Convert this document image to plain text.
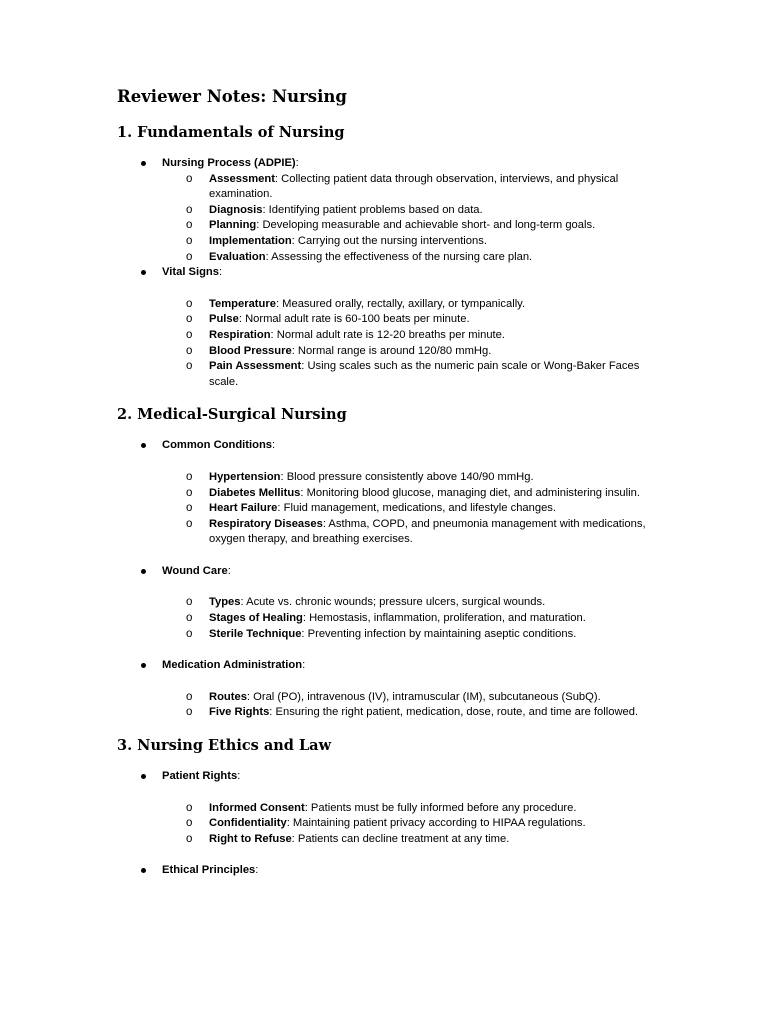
Reviewer Notes: Nursing
1. Fundamentals of Nursing
Nursing Process (ADPIE):
o Assessment: Collecting patient data through observation, interviews, and physical examination.
o Diagnosis: Identifying patient problems based on data.
o Planning: Developing measurable and achievable short- and long-term goals.
o Implementation: Carrying out the nursing interventions.
o Evaluation: Assessing the effectiveness of the nursing care plan.
Vital Signs:
o Temperature: Measured orally, rectally, axillary, or tympanically.
o Pulse: Normal adult rate is 60-100 beats per minute.
o Respiration: Normal adult rate is 12-20 breaths per minute.
o Blood Pressure: Normal range is around 120/80 mmHg.
o Pain Assessment: Using scales such as the numeric pain scale or Wong-Baker Faces scale.
2. Medical-Surgical Nursing
Common Conditions:
o Hypertension: Blood pressure consistently above 140/90 mmHg.
o Diabetes Mellitus: Monitoring blood glucose, managing diet, and administering insulin.
o Heart Failure: Fluid management, medications, and lifestyle changes.
o Respiratory Diseases: Asthma, COPD, and pneumonia management with medications, oxygen therapy, and breathing exercises.
Wound Care:
o Types: Acute vs. chronic wounds; pressure ulcers, surgical wounds.
o Stages of Healing: Hemostasis, inflammation, proliferation, and maturation.
o Sterile Technique: Preventing infection by maintaining aseptic conditions.
Medication Administration:
o Routes: Oral (PO), intravenous (IV), intramuscular (IM), subcutaneous (SubQ).
o Five Rights: Ensuring the right patient, medication, dose, route, and time are followed.
3. Nursing Ethics and Law
Patient Rights:
o Informed Consent: Patients must be fully informed before any procedure.
o Confidentiality: Maintaining patient privacy according to HIPAA regulations.
o Right to Refuse: Patients can decline treatment at any time.
Ethical Principles:
